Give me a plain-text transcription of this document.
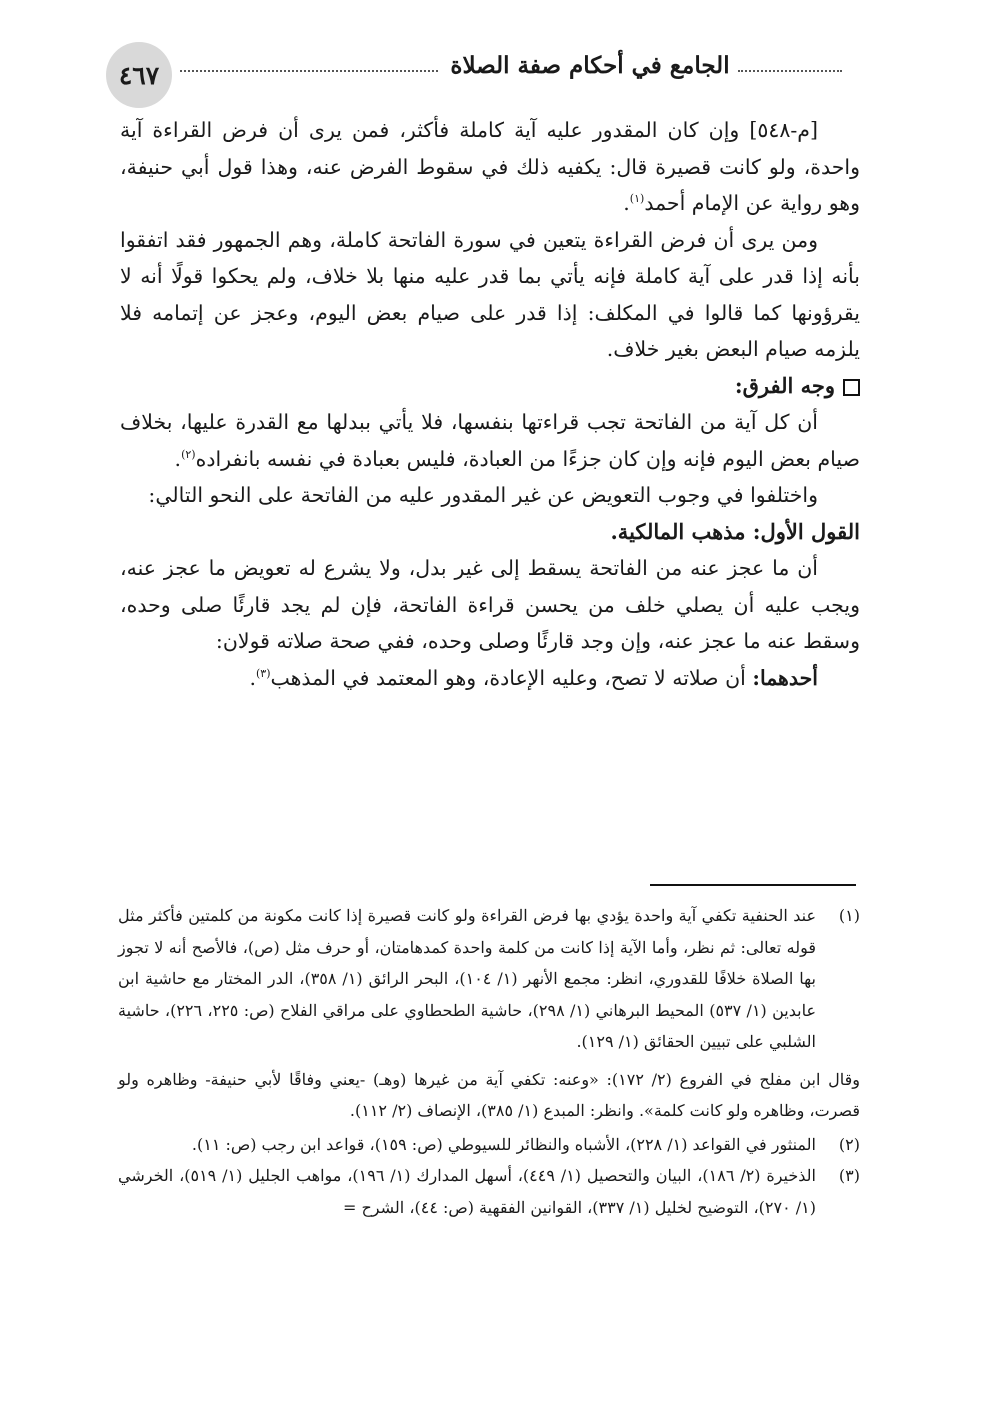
٤٦٧	الجامع في أحكام صفة الصلاة

[م-٥٤٨] وإن كان المقدور عليه آية كاملة فأكثر، فمن يرى أن فرض القراءة آية واحدة، ولو كانت قصيرة قال: يكفيه ذلك في سقوط الفرض عنه، وهذا قول أبي حنيفة، وهو رواية عن الإمام أحمد$^{(١)}$.

ومن يرى أن فرض القراءة يتعين في سورة الفاتحة كاملة، وهم الجمهور فقد اتفقوا بأنه إذا قدر على آية كاملة فإنه يأتي بما قدر عليه منها بلا خلاف، ولم يحكوا قولًا أنه لا يقرؤونها كما قالوا في المكلف: إذا قدر على صيام بعض اليوم، وعجز عن إتمامه فلا يلزمه صيام البعض بغير خلاف.

وجه الفرق:

أن كل آية من الفاتحة تجب قراءتها بنفسها، فلا يأتي ببدلها مع القدرة عليها، بخلاف صيام بعض اليوم فإنه وإن كان جزءًا من العبادة، فليس بعبادة في نفسه بانفراده$^{(٢)}$.

واختلفوا في وجوب التعويض عن غير المقدور عليه من الفاتحة على النحو التالي:

القول الأول: مذهب المالكية.

أن ما عجز عنه من الفاتحة يسقط إلى غير بدل، ولا يشرع له تعويض ما عجز عنه، ويجب عليه أن يصلي خلف من يحسن قراءة الفاتحة، فإن لم يجد قارئًا صلى وحده، وسقط عنه ما عجز عنه، وإن وجد قارئًا وصلى وحده، ففي صحة صلاته قولان:

أحدهما: أن صلاته لا تصح، وعليه الإعادة، وهو المعتمد في المذهب$^{(٣)}$.

(١)
عند الحنفية تكفي آية واحدة يؤدي بها فرض القراءة ولو كانت قصيرة إذا كانت مكونة من كلمتين فأكثر مثل قوله تعالى: ثم نظر، وأما الآية إذا كانت من كلمة واحدة كمدهامتان، أو حرف مثل (ص)، فالأصح أنه لا تجوز بها الصلاة خلافًا للقدوري، انظر: مجمع الأنهر (١/ ١٠٤)، البحر الرائق (١/ ٣٥٨)، الدر المختار مع حاشية ابن عابدين (١/ ٥٣٧) المحيط البرهاني (١/ ٢٩٨)، حاشية الطحطاوي على مراقي الفلاح (ص: ٢٢٥، ٢٢٦)، حاشية الشلبي على تبيين الحقائق (١/ ١٢٩).
وقال ابن مفلح في الفروع (٢/ ١٧٢): «وعنه: تكفي آية من غيرها (وهـ) -يعني وفاقًا لأبي حنيفة- وظاهره ولو قصرت، وظاهره ولو كانت كلمة». وانظر: المبدع (١/ ٣٨٥)، الإنصاف (٢/ ١١٢).
(٢)
المنثور في القواعد (١/ ٢٢٨)، الأشباه والنظائر للسيوطي (ص: ١٥٩)، قواعد ابن رجب (ص: ١١).
(٣)
الذخيرة (٢/ ١٨٦)، البيان والتحصيل (١/ ٤٤٩)، أسهل المدارك (١/ ١٩٦)، مواهب الجليل (١/ ٥١٩)، الخرشي (١/ ٢٧٠)، التوضيح لخليل (١/ ٣٣٧)، القوانين الفقهية (ص: ٤٤)، الشرح =
